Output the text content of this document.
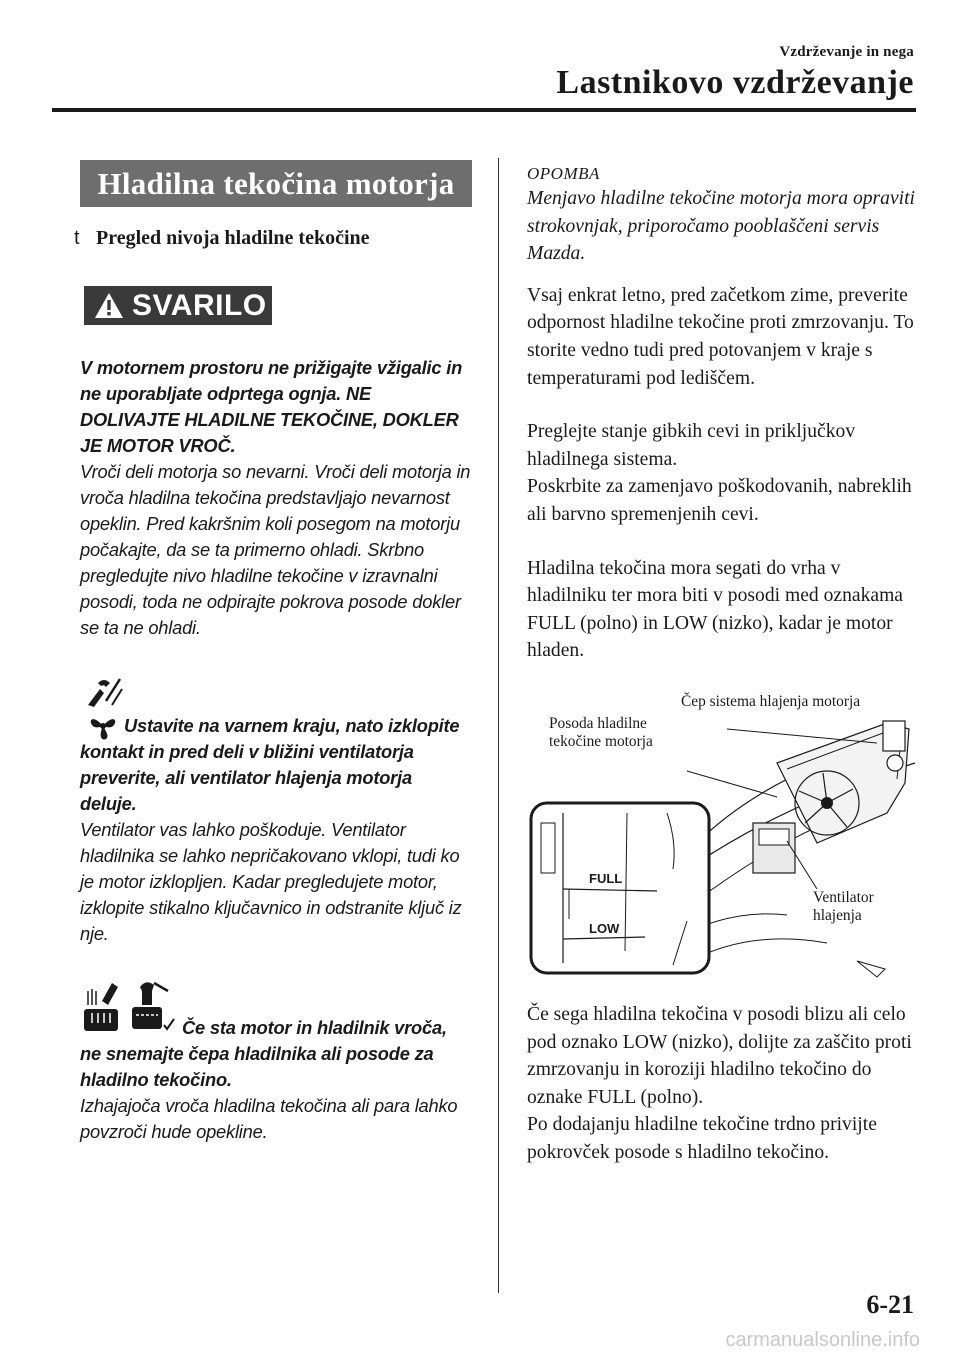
Vzdrževanje in nega
Lastnikovo vzdrževanje
Hladilna tekočina motorja
t Pregled nivoja hladilne tekočine
SVARILO
V motornem prostoru ne prižigajte vžigalic in ne uporabljate odprtega ognja. NE DOLIVAJTE HLADILNE TEKOČINE, DOKLER JE MOTOR VROČ.
Vroči deli motorja so nevarni. Vroči deli motorja in vroča hladilna tekočina predstavljajo nevarnost opeklin. Pred kakršnim koli posegom na motorju počakajte, da se ta primerno ohladi. Skrbno pregledujte nivo hladilne tekočine v izravnalni posodi, toda ne odpirajte pokrova posode dokler se ta ne ohladi.
Ustavite na varnem kraju, nato izklopite kontakt in pred deli v bližini ventilatorja preverite, ali ventilator hlajenja motorja deluje.
Ventilator vas lahko poškoduje. Ventilator hladilnika se lahko nepričakovano vklopi, tudi ko je motor izklopljen. Kadar pregledujete motor, izklopite stikalno ključavnico in odstranite ključ iz nje.
Če sta motor in hladilnik vroča, ne snemajte čepa hladilnika ali posode za hladilno tekočino.
Izhajajoča vroča hladilna tekočina ali para lahko povzroči hude opekline.
OPOMBA

Menjavo hladilne tekočine motorja mora opraviti strokovnjak, priporočamo pooblaščeni servis Mazda.

Vsaj enkrat letno, pred začetkom zime, preverite odpornost hladilne tekočine proti zmrzovanju. To storite vedno tudi pred potovanjem v kraje s temperaturami pod lediščem.

Preglejte stanje gibkih cevi in priključkov hladilnega sistema.

Poskrbite za zamenjavo poškodovanih, nabreklih ali barvno spremenjenih cevi.

Hladilna tekočina mora segati do vrha v hladilniku ter mora biti v posodi med oznakama FULL (polno) in LOW (nizko), kadar je motor hladen.

FULL
LOW
Čep sistema hlajenja motorja
Posoda hladilne
tekočine motorja
Ventilator
hlajenja

Če sega hladilna tekočina v posodi blizu ali celo pod oznako LOW (nizko), dolijte za zaščito proti zmrzovanju in koroziji hladilno tekočino do oznake FULL (polno).

Po dodajanju hladilne tekočine trdno privijte pokrovček posode s hladilno tekočino.

6-21
carmanualsonline.info
